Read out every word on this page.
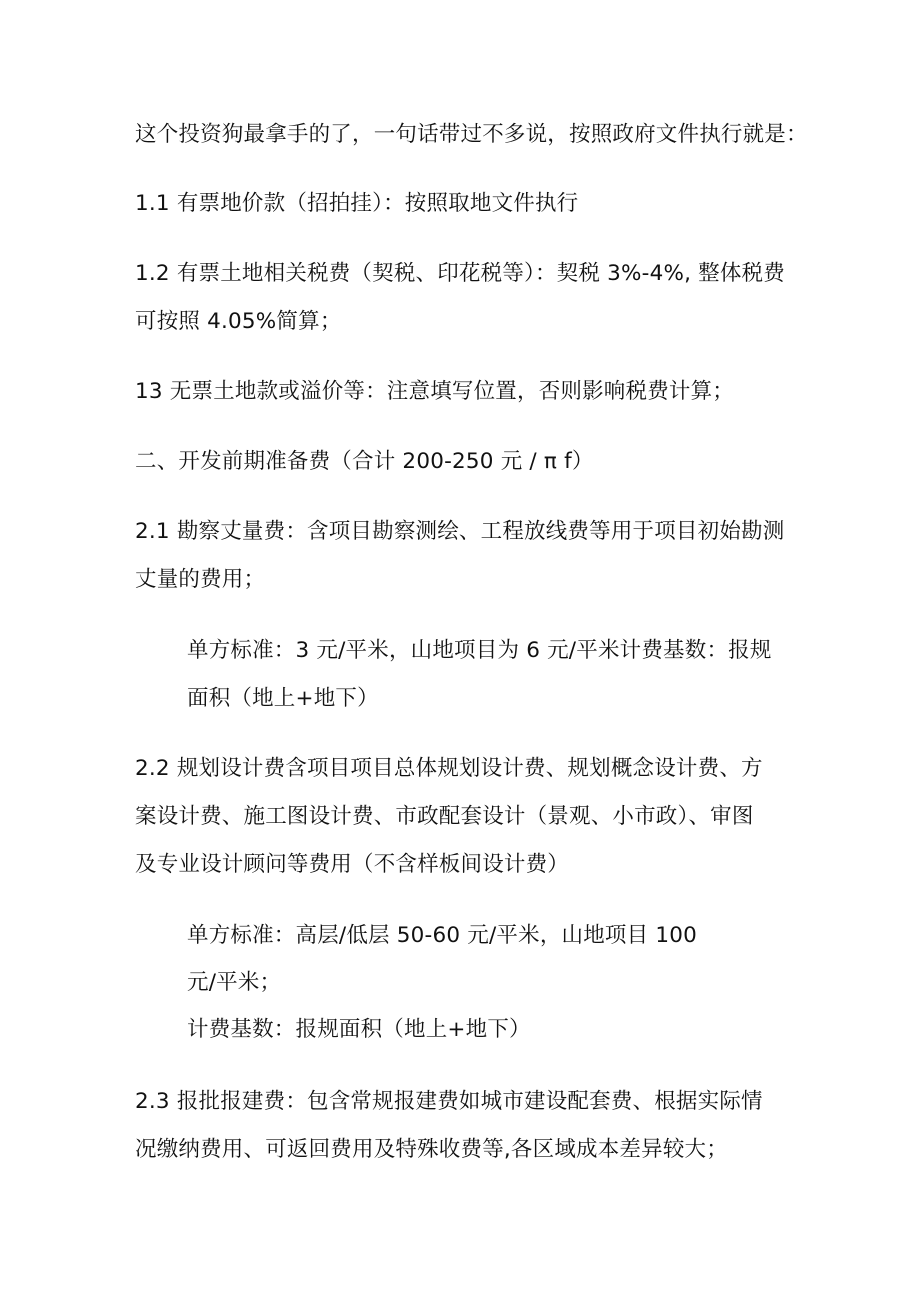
这个投资狗最拿手的了，一句话带过不多说，按照政府文件执行就是：
1.1 有票地价款（招拍挂）：按照取地文件执行
1.2 有票土地相关税费（契税、印花税等）：契税 3%-4%, 整体税费
可按照 4.05%简算；
13 无票土地款或溢价等：注意填写位置，否则影响税费计算；
二、开发前期准备费（合计 200-250 元 / π f）
2.1 勘察丈量费：含项目勘察测绘、工程放线费等用于项目初始勘测
丈量的费用；
单方标准：3 元/平米，山地项目为 6 元/平米计费基数：报规
面积（地上+地下）
2.2 规划设计费含项目项目总体规划设计费、规划概念设计费、方
案设计费、施工图设计费、市政配套设计（景观、小市政）、审图
及专业设计顾问等费用（不含样板间设计费）
单方标准：高层/低层 50-60 元/平米，山地项目 100
元/平米；
计费基数：报规面积（地上+地下）
2.3 报批报建费：包含常规报建费如城市建设配套费、根据实际情
况缴纳费用、可返回费用及特殊收费等,各区域成本差异较大；
